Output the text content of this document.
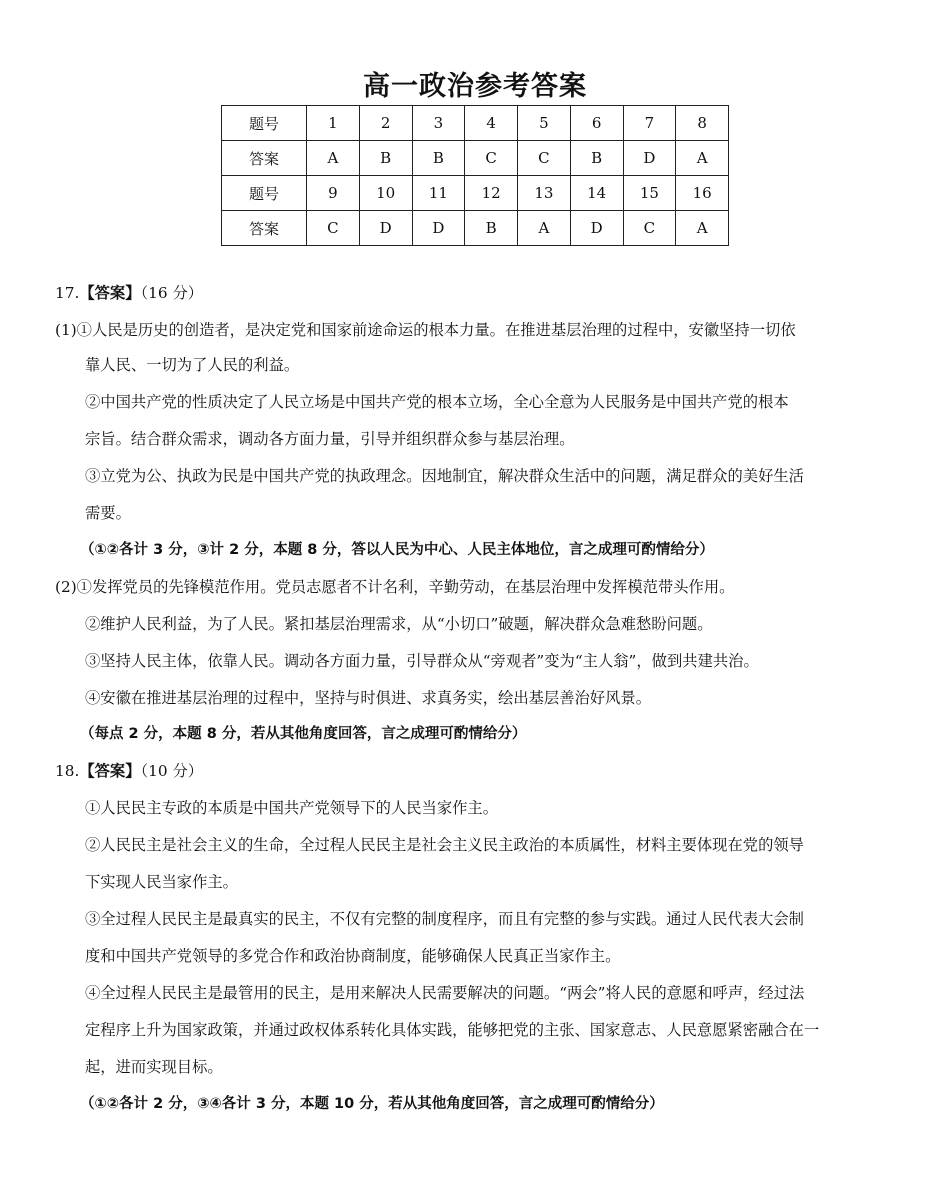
高一政治参考答案
题号	1	2	3	4	5	6	7	8
答案	A	B	B	C	C	B	D	A
题号	9	10	11	12	13	14	15	16
答案	C	D	D	B	A	D	C	A
17.【答案】（16 分）
(1)①人民是历史的创造者，是决定党和国家前途命运的根本力量。在推进基层治理的过程中，安徽坚持一切依
靠人民、一切为了人民的利益。
②中国共产党的性质决定了人民立场是中国共产党的根本立场，全心全意为人民服务是中国共产党的根本
宗旨。结合群众需求，调动各方面力量，引导并组织群众参与基层治理。
③立党为公、执政为民是中国共产党的执政理念。因地制宜，解决群众生活中的问题，满足群众的美好生活
需要。
（①②各计 3 分，③计 2 分，本题 8 分，答以人民为中心、人民主体地位，言之成理可酌情给分）
(2)①发挥党员的先锋模范作用。党员志愿者不计名利，辛勤劳动，在基层治理中发挥模范带头作用。
②维护人民利益，为了人民。紧扣基层治理需求，从“小切口”破题，解决群众急难愁盼问题。
③坚持人民主体，依靠人民。调动各方面力量，引导群众从“旁观者”变为“主人翁”，做到共建共治。
④安徽在推进基层治理的过程中，坚持与时俱进、求真务实，绘出基层善治好风景。
（每点 2 分，本题 8 分，若从其他角度回答，言之成理可酌情给分）
18.【答案】（10 分）
①人民民主专政的本质是中国共产党领导下的人民当家作主。
②人民民主是社会主义的生命，全过程人民民主是社会主义民主政治的本质属性，材料主要体现在党的领导
下实现人民当家作主。
③全过程人民民主是最真实的民主，不仅有完整的制度程序，而且有完整的参与实践。通过人民代表大会制
度和中国共产党领导的多党合作和政治协商制度，能够确保人民真正当家作主。
④全过程人民民主是最管用的民主，是用来解决人民需要解决的问题。“两会”将人民的意愿和呼声，经过法
定程序上升为国家政策，并通过政权体系转化具体实践，能够把党的主张、国家意志、人民意愿紧密融合在一
起，进而实现目标。
（①②各计 2 分，③④各计 3 分，本题 10 分，若从其他角度回答，言之成理可酌情给分）
